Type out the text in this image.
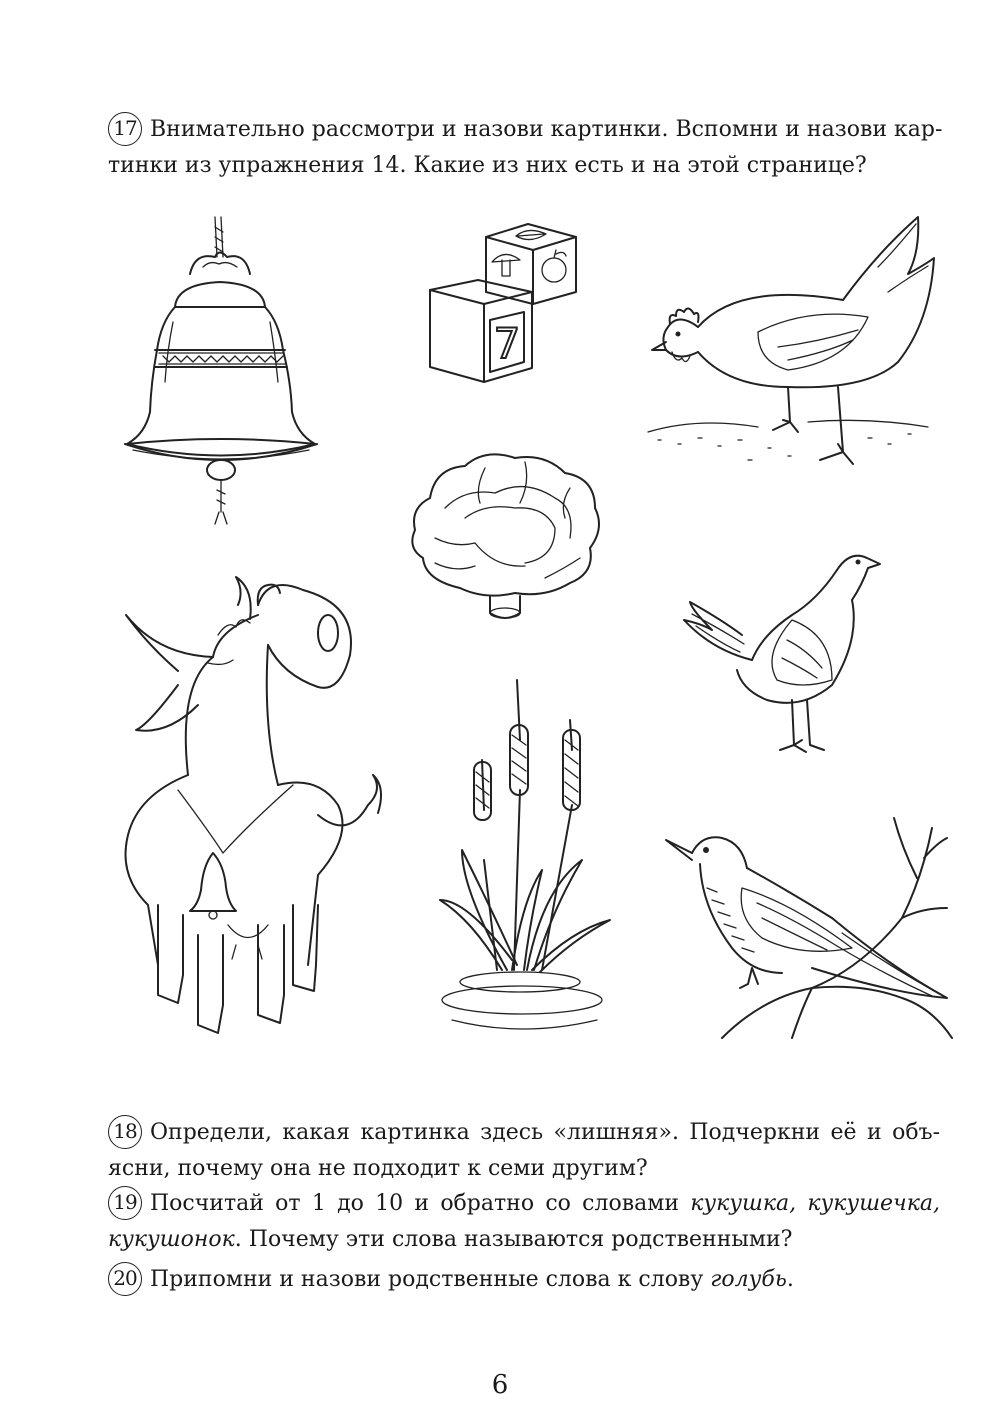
17 Внимательно рассмотри и назови картинки. Вспомни и назови кар-
тинки из упражнения 14. Какие из них есть и на этой странице?
7
18 Определи, какая картинка здесь «лишняя». Подчеркни её и объ-
ясни, почему она не подходит к семи другим?
19 Посчитай от 1 до 10 и обратно со словами кукушка, кукушечка,
кукушонок. Почему эти слова называются родственными?
20 Припомни и назови родственные слова к слову голубь.
6
